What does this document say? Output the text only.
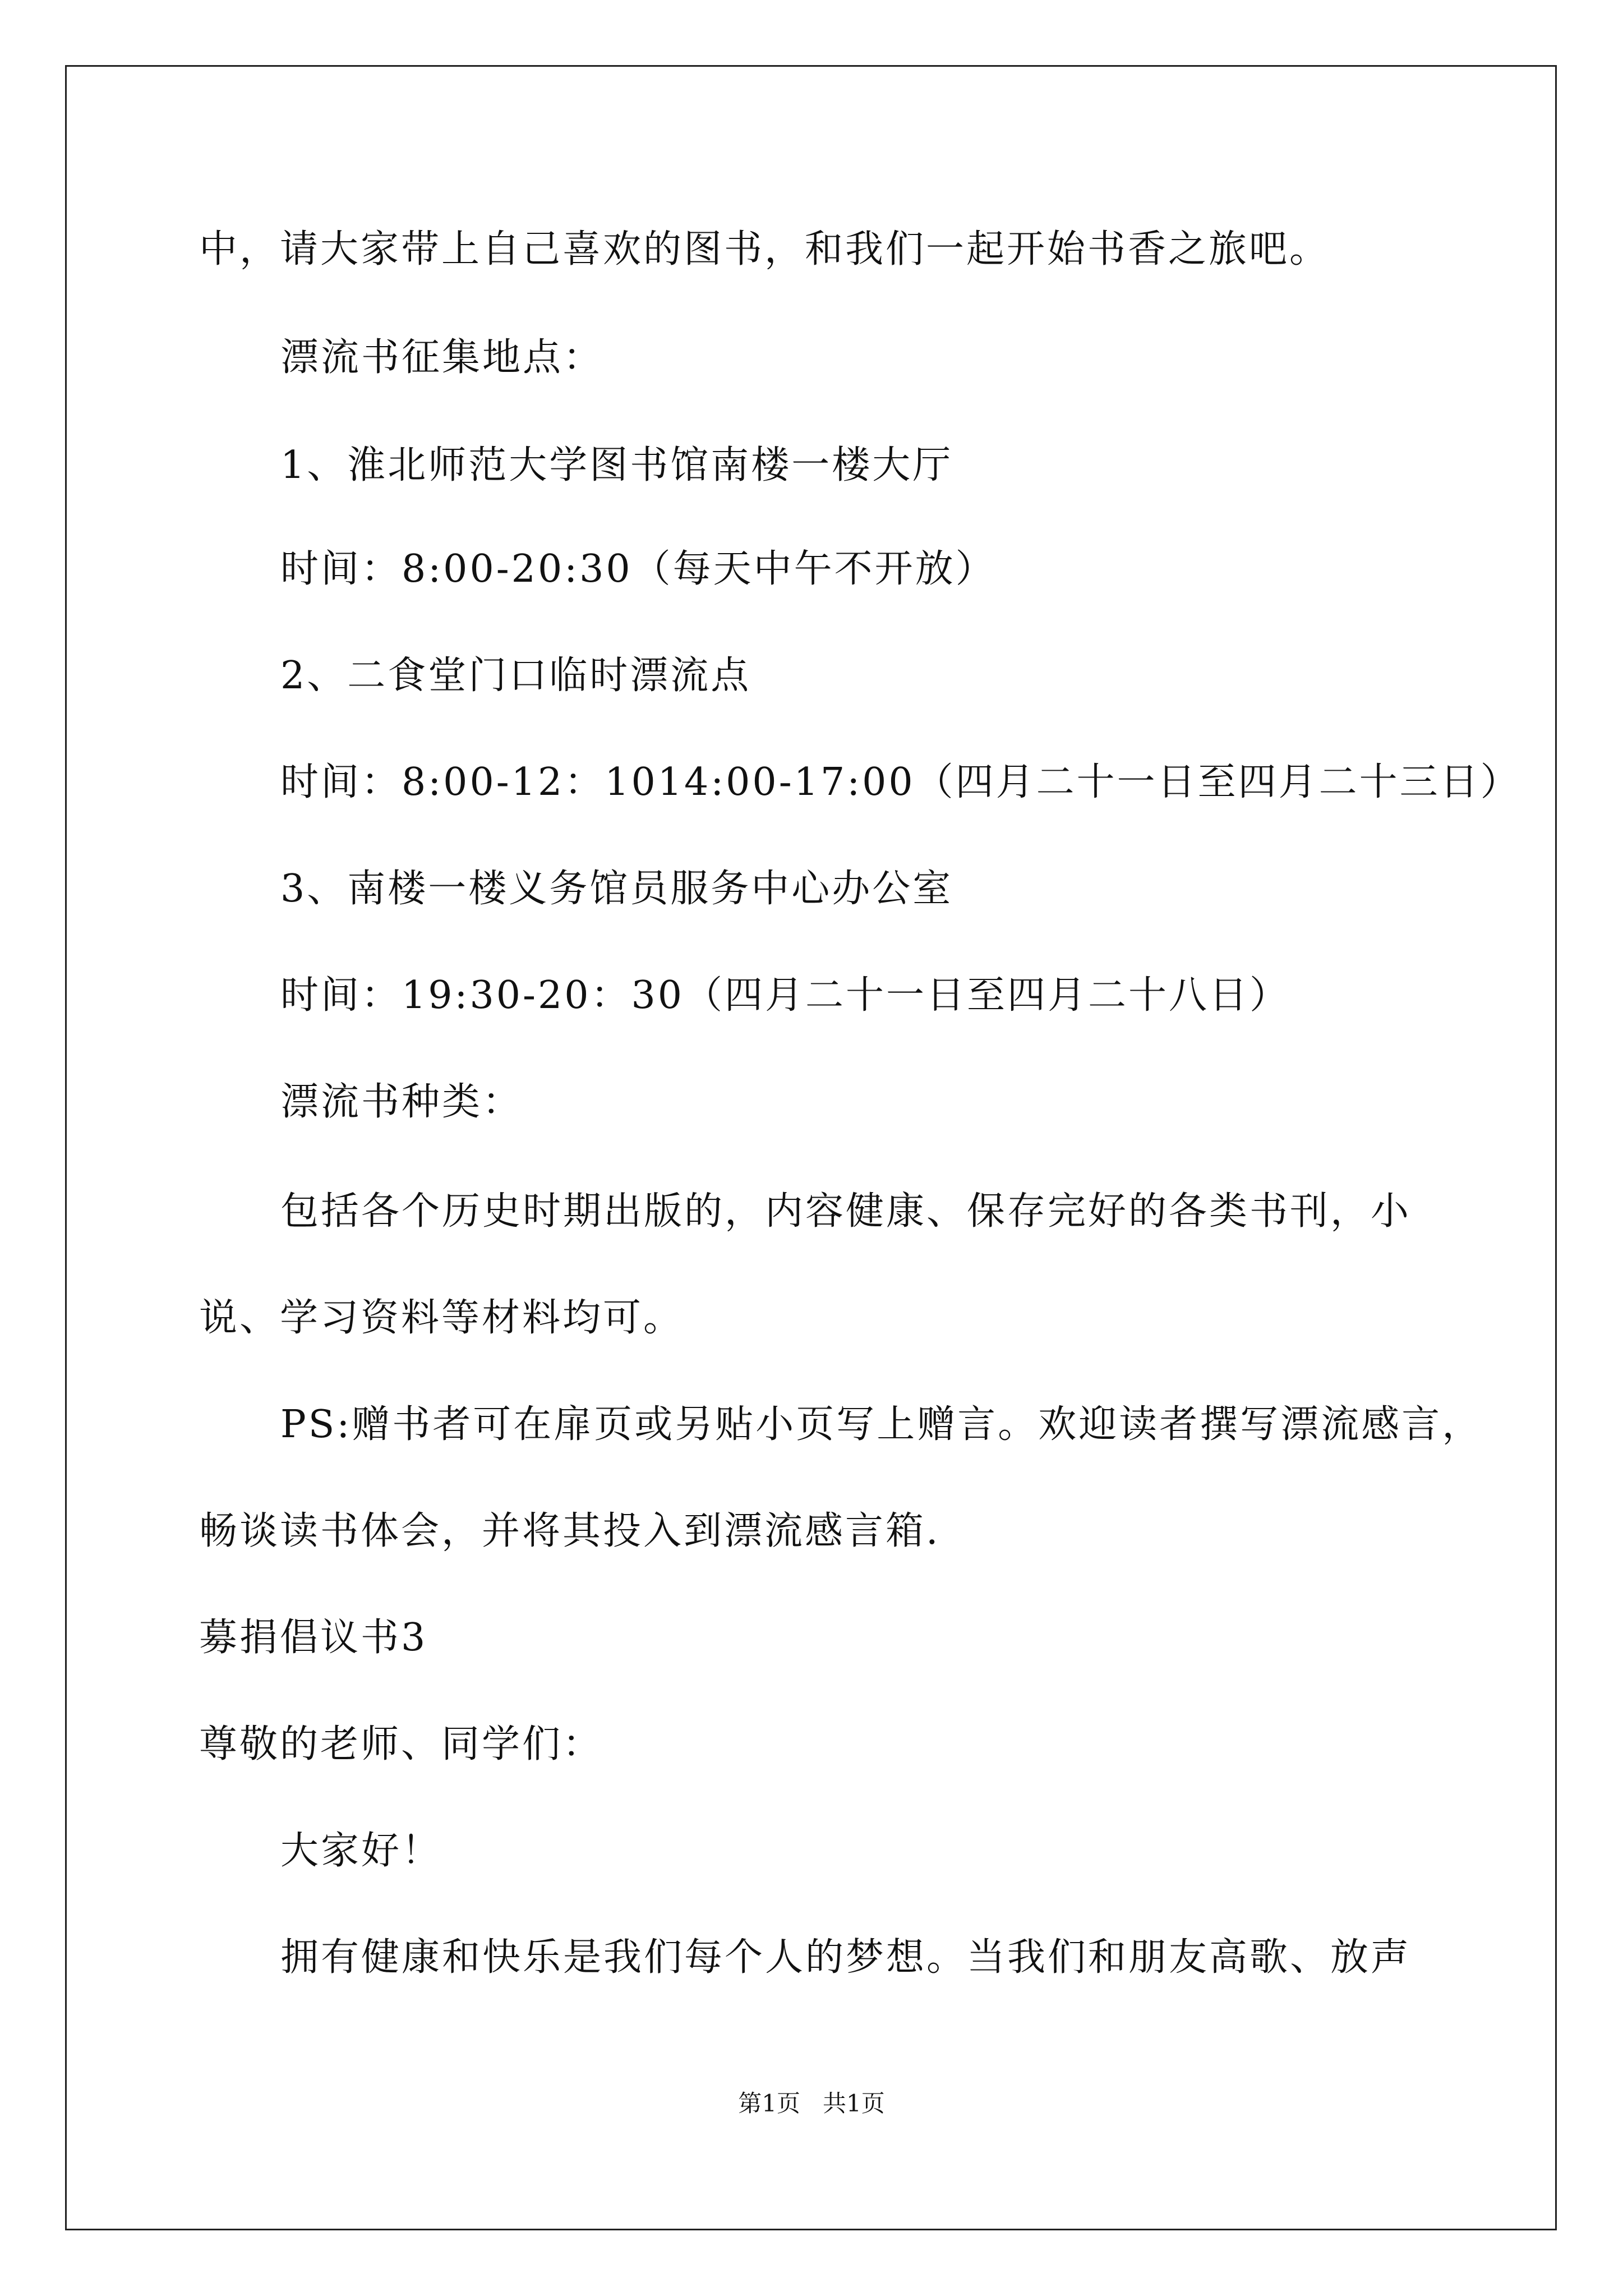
中，请大家带上自己喜欢的图书，和我们一起开始书香之旅吧。
漂流书征集地点：
1、淮北师范大学图书馆南楼一楼大厅
时间：8:00-20:30（每天中午不开放）
2、二食堂门口临时漂流点
时间：8:00-12：1014:00-17:00（四月二十一日至四月二十三日）
3、南楼一楼义务馆员服务中心办公室
时间：19:30-20：30（四月二十一日至四月二十八日）
漂流书种类：
包括各个历史时期出版的，内容健康、保存完好的各类书刊，小
说、学习资料等材料均可。
PS:赠书者可在扉页或另贴小页写上赠言。欢迎读者撰写漂流感言，
畅谈读书体会，并将其投入到漂流感言箱.
募捐倡议书3
尊敬的老师、同学们：
大家好！
拥有健康和快乐是我们每个人的梦想。当我们和朋友高歌、放声
第1页 共1页
